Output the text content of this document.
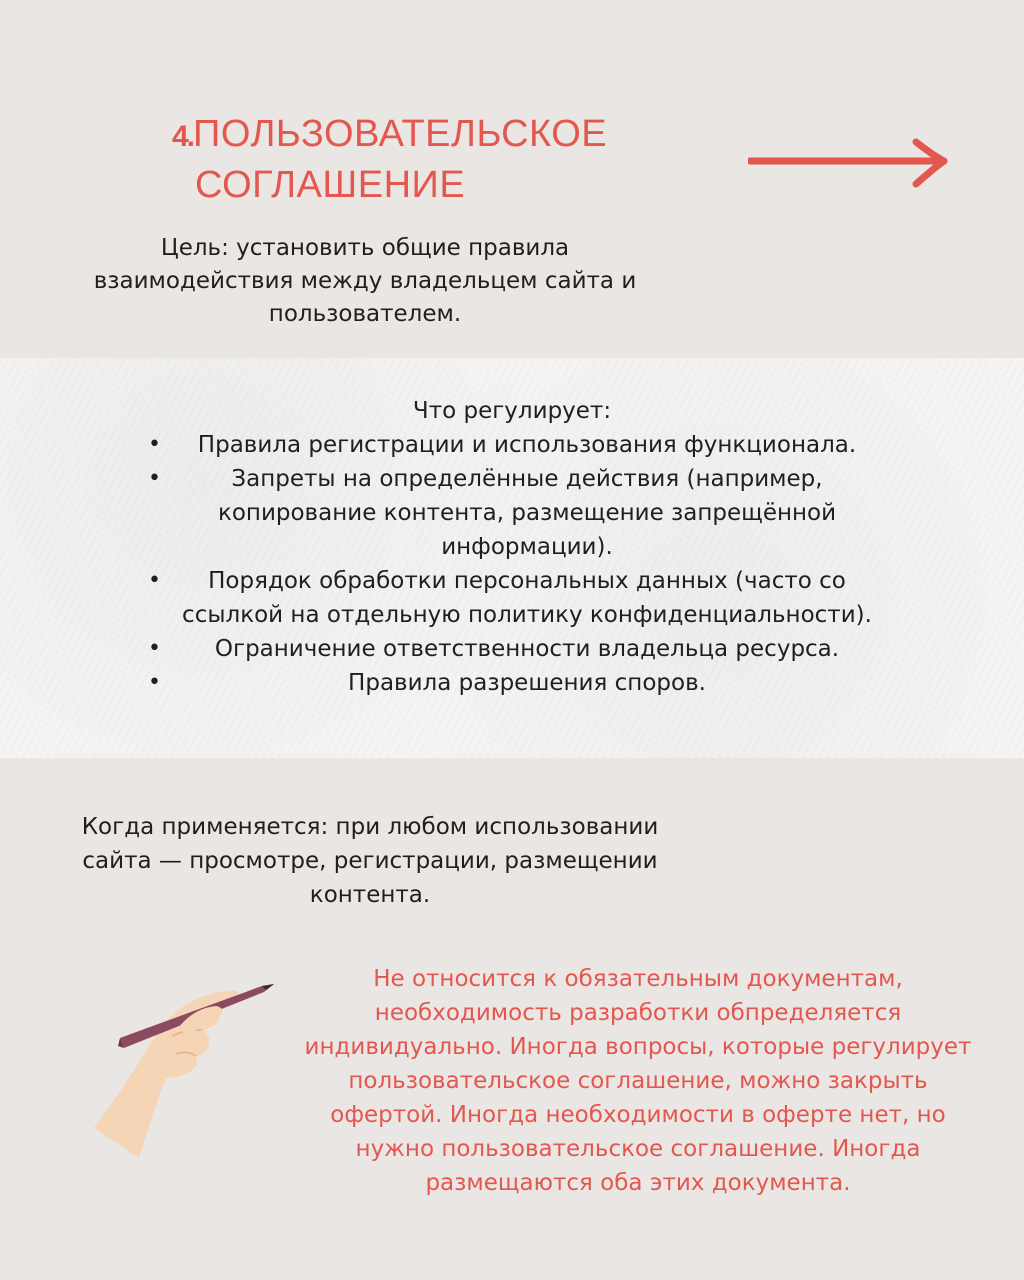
4.ПОЛЬЗОВАТЕЛЬСКОЕ
СОГЛАШЕНИЕ
Цель: установить общие правила взаимодействия между владельцем сайта и пользователем.
Что регулирует:
• Правила регистрации и использования функционала.
•	Запреты на определённые действия (например, копирование контента, размещение запрещённой информации).
• Порядок обработки персональных данных (часто со ссылкой на отдельную политику конфиденциальности).
• Ограничение ответственности владельца ресурса.
•	Правила разрешения споров.
Когда применяется: при любом использовании сайта — просмотре, регистрации, размещении контента.
Не относится к обязательным документам, необходимость разработки обпределяется индивидуально. Иногда вопросы, которые регулирует пользовательское соглашение, можно закрыть офертой. Иногда необходимости в оферте нет, но нужно пользовательское соглашение. Иногда размещаются оба этих документа.
